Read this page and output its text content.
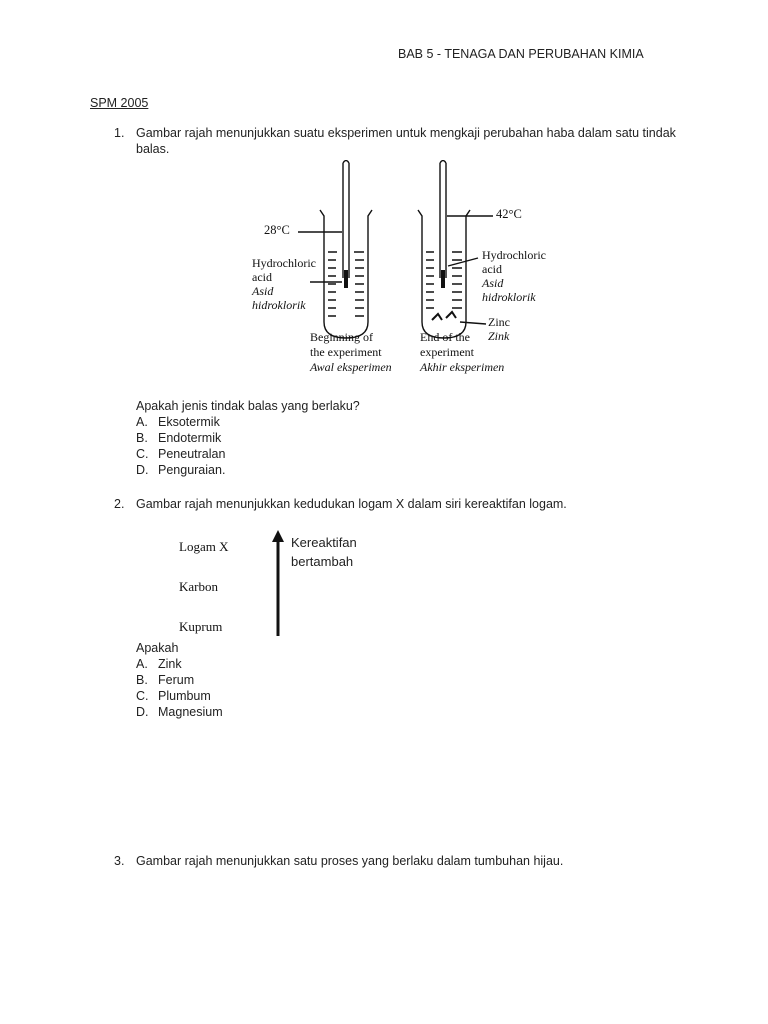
BAB 5 - TENAGA DAN PERUBAHAN KIMIA
SPM 2005
1. Gambar rajah menunjukkan suatu eksperimen untuk mengkaji perubahan haba dalam satu tindak balas.
28°C
42°C
Hydrochloric
acid
Asid
hidroklorik
Hydrochloric
acid
Asid
hidroklorik
Zinc
Zink
Beginning of
the experiment
Awal eksperimen
End of the
experiment
Akhir eksperimen
Apakah jenis tindak balas yang berlaku?
A. Eksotermik
B. Endotermik
C. Peneutralan
D. Penguraian.
2. Gambar rajah menunjukkan kedudukan logam X dalam siri kereaktifan logam.
Logam X
Karbon
Kuprum
Kereaktifan
bertambah
Apakah
A. Zink
B. Ferum
C. Plumbum
D. Magnesium
3. Gambar rajah menunjukkan satu proses yang berlaku dalam tumbuhan hijau.
